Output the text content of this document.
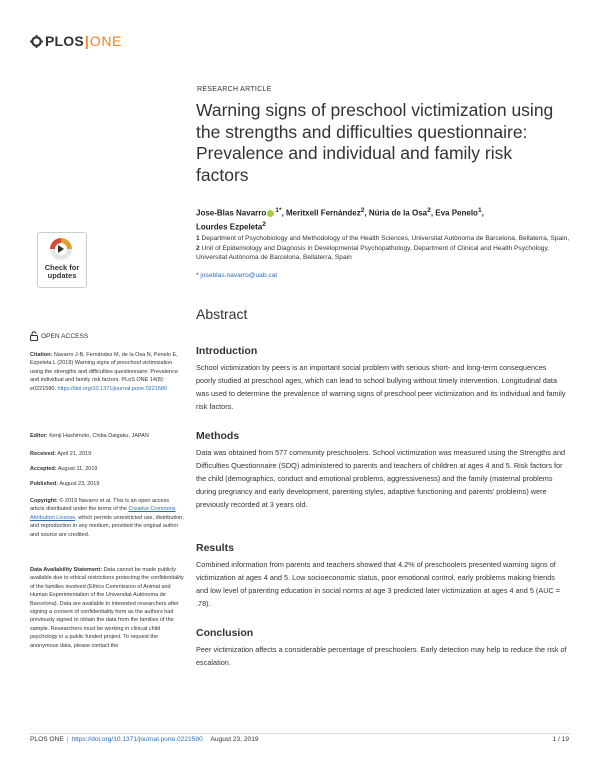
PLOS | ONE
Check for
updates
RESEARCH ARTICLE
Warning signs of preschool victimization using the strengths and difficulties questionnaire: Prevalence and individual and family risk factors
Jose-Blas Navarro $^{1*}$, Meritxell Fernández$^2$, Núria de la Osa$^2$, Eva Penelo$^1$,
Lourdes Ezpeleta$^2$
1 Department of Psychobiology and Methodology of the Health Sciences, Universitat Autònoma de Barcelona, Bellaterra, Spain, 2 Unit of Epidemiology and Diagnosis in Developmental Psychopathology, Department of Clinical and Health Psychology, Universitat Autònoma de Barcelona, Bellaterra, Spain
* joseblas.navarro@uab.cat
Abstract
Introduction
School victimization by peers is an important social problem with serious short- and long-term consequences poorly studied at preschool ages, which can lead to school bullying without timely intervention. Longitudinal data was used to determine the prevalence of warning signs of preschool peer victimization and its individual and family risk factors.
Methods
Data was obtained from 577 community preschoolers. School victimization was measured using the Strengths and Difficulties Questionnaire (SDQ) administered to parents and teachers of children at ages 4 and 5. Risk factors for the child (demographics, conduct and emotional problems, aggressiveness) and the family (maternal problems during pregnancy and early development, parenting styles, adaptive functioning and parents’ problems) were previously recorded at 3 years old.
Results
Combined information from parents and teachers showed that 4.2% of preschoolers presented warning signs of victimization at ages 4 and 5. Low socioeconomic status, poor emotional control, early problems making friends and low level of parenting education in social norms at age 3 predicted later victimization at ages 4 and 5 (AUC = .78).
Conclusion
Peer victimization affects a considerable percentage of preschoolers. Early detection may help to reduce the risk of escalation.
OPEN ACCESS
Citation: Navarro J-B, Fernández M, de la Osa N, Penelo E, Ezpeleta L (2019) Warning signs of preschool victimization using the strengths and difficulties questionnaire: Prevalence and individual and family risk factors. PLoS ONE 14(8): e0221580. https://doi.org/10.1371/journal.pone.0221580
Editor: Kenji Hashimoto, Chiba Daigaku, JAPAN
Received: April 21, 2019
Accepted: August 11, 2019
Published: August 23, 2019
Copyright: © 2019 Navarro et al. This is an open access article distributed under the terms of the Creative Commons Attribution License, which permits unrestricted use, distribution, and reproduction in any medium, provided the original author and source are credited.
Data Availability Statement: Data cannot be made publicly available due to ethical restrictions protecting the confidentiality of the families involved (Ethics Commission of Animal and Human Experimentation of the Universitat Autònoma de Barcelona). Data are available to interested researchers after signing a consent of confidentiality form as the authors had previously signed to obtain the data from the families of the sample. Researchers must be working in clinical child psychology in a public funded project. To request the anonymous data, please contact the
PLOS ONE | https://doi.org/10.1371/journal.pone.0221580 August 23, 2019	1 / 19
